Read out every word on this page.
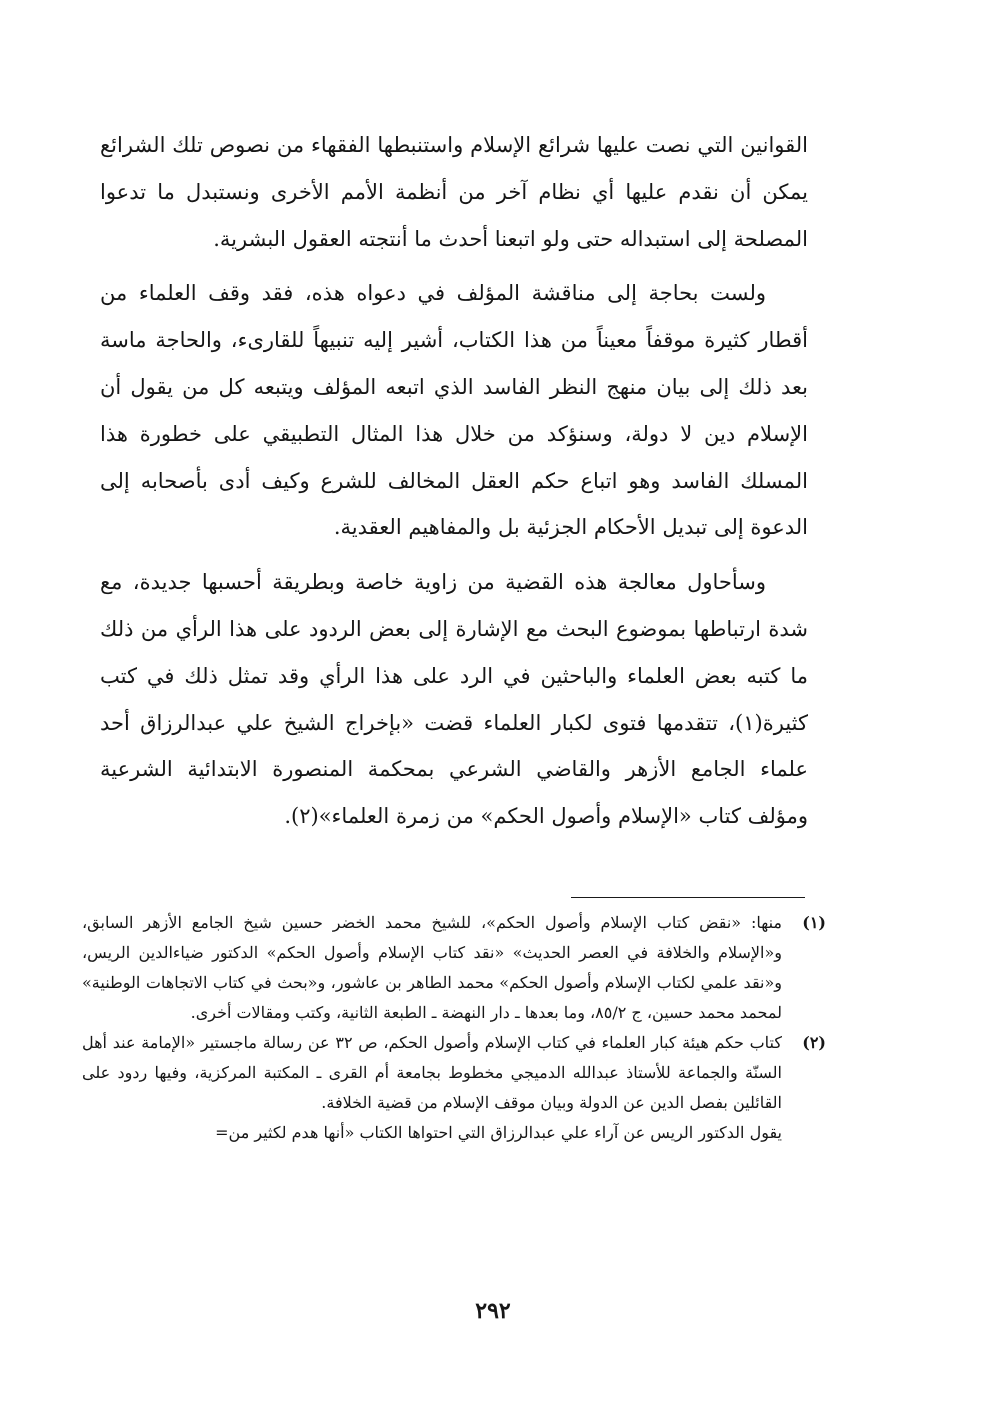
القوانين التي نصت عليها شرائع الإسلام واستنبطها الفقهاء من نصوص تلك الشرائع يمكن أن نقدم عليها أي نظام آخر من أنظمة الأمم الأخرى ونستبدل ما تدعوا المصلحة إلى استبداله حتى ولو اتبعنا أحدث ما أنتجته العقول البشرية.

ولست بحاجة إلى مناقشة المؤلف في دعواه هذه، فقد وقف العلماء من أقطار كثيرة موقفاً معيناً من هذا الكتاب، أشير إليه تنبيهاً للقارىء، والحاجة ماسة بعد ذلك إلى بيان منهج النظر الفاسد الذي اتبعه المؤلف ويتبعه كل من يقول أن الإسلام دين لا دولة، وسنؤكد من خلال هذا المثال التطبيقي على خطورة هذا المسلك الفاسد وهو اتباع حكم العقل المخالف للشرع وكيف أدى بأصحابه إلى الدعوة إلى تبديل الأحكام الجزئية بل والمفاهيم العقدية.

وسأحاول معالجة هذه القضية من زاوية خاصة وبطريقة أحسبها جديدة، مع شدة ارتباطها بموضوع البحث مع الإشارة إلى بعض الردود على هذا الرأي من ذلك ما كتبه بعض العلماء والباحثين في الرد على هذا الرأي وقد تمثل ذلك في كتب كثيرة(١)، تتقدمها فتوى لكبار العلماء قضت «بإخراج الشيخ علي عبدالرزاق أحد علماء الجامع الأزهر والقاضي الشرعي بمحكمة المنصورة الابتدائية الشرعية ومؤلف كتاب «الإسلام وأصول الحكم» من زمرة العلماء»(٢).

(١)

منها: «نقض كتاب الإسلام وأصول الحكم»، للشيخ محمد الخضر حسين شيخ الجامع الأزهر السابق، و«الإسلام والخلافة في العصر الحديث» «نقد كتاب الإسلام وأصول الحكم» الدكتور ضياءالدين الريس، و«نقد علمي لكتاب الإسلام وأصول الحكم» محمد الطاهر بن عاشور، و«بحث في كتاب الاتجاهات الوطنية» لمحمد محمد حسين، ج ٨٥/٢، وما بعدها ـ دار النهضة ـ الطبعة الثانية، وكتب ومقالات أخرى.

(٢)

كتاب حكم هيئة كبار العلماء في كتاب الإسلام وأصول الحكم، ص ٣٢ عن رسالة ماجستير «الإمامة عند أهل السنّة والجماعة للأستاذ عبدالله الدميجي مخطوط بجامعة أم القرى ـ المكتبة المركزية، وفيها ردود على القائلين بفصل الدين عن الدولة وبيان موقف الإسلام من قضية الخلافة.

يقول الدكتور الريس عن آراء علي عبدالرزاق التي احتواها الكتاب «أنها هدم لكثير من=

٢٩٢
